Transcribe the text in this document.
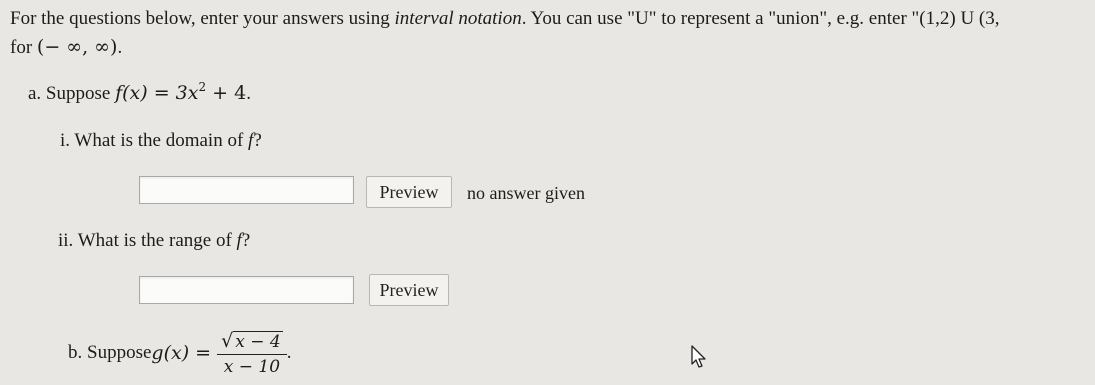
For the questions below, enter your answers using interval notation. You can use "U" to represent a "union", e.g. enter "(1,2) U (3,
for (− ∞, ∞).
a. Suppose $f(x) = 3x^2 + 4$.
i. What is the domain of f?
Preview	no answer given
ii. What is the range of f?
Preview
b. Suppose $g(x) = \frac{√ x - 4}{x - 10}$ .
